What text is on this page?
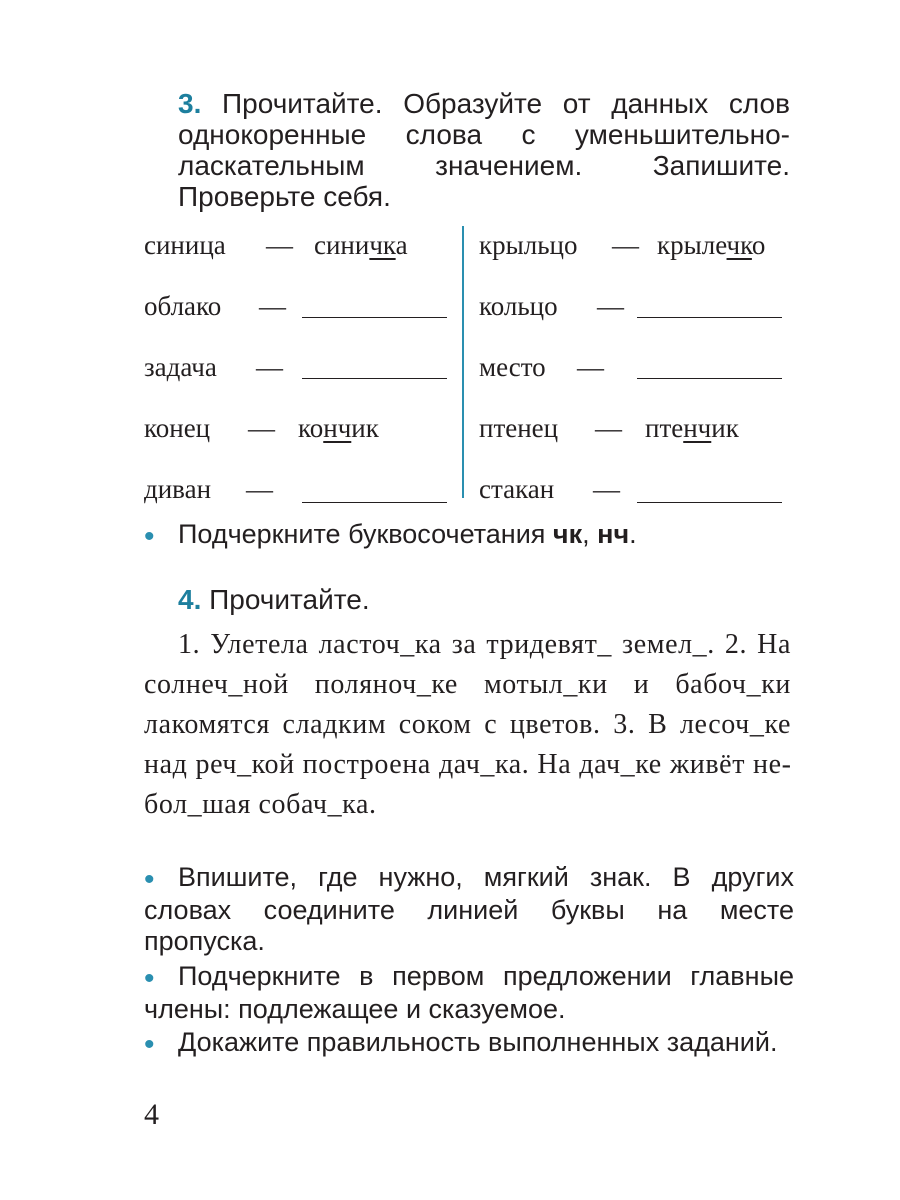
3. Прочитайте. Образуйте от данных слов однокоренные слова с уменьшительно-ласкательным значением. Запишите. Проверьте себя.

синица — синичка
облако —
задача —
конец — кончик
диван —
крыльцо — крылечко
кольцо —
место —
птенец — птенчик
стакан —

• Подчеркните буквосочетания чк, нч.

4. Прочитайте.

1. Улетела ласточ_ка за тридевят_ земел_. 2. На солнеч_ной поляноч_ке мотыл_ки и бабоч_ки лакомятся сладким соком с цветов. 3. В лесоч_ке над реч_кой построена дач_ка. На дач_ке живёт небол_шая собач_ка.

• Впишите, где нужно, мягкий знак. В других словах соедините линией буквы на месте пропуска.

• Подчеркните в первом предложении главные члены: подлежащее и сказуемое.

• Докажите правильность выполненных заданий.

4
